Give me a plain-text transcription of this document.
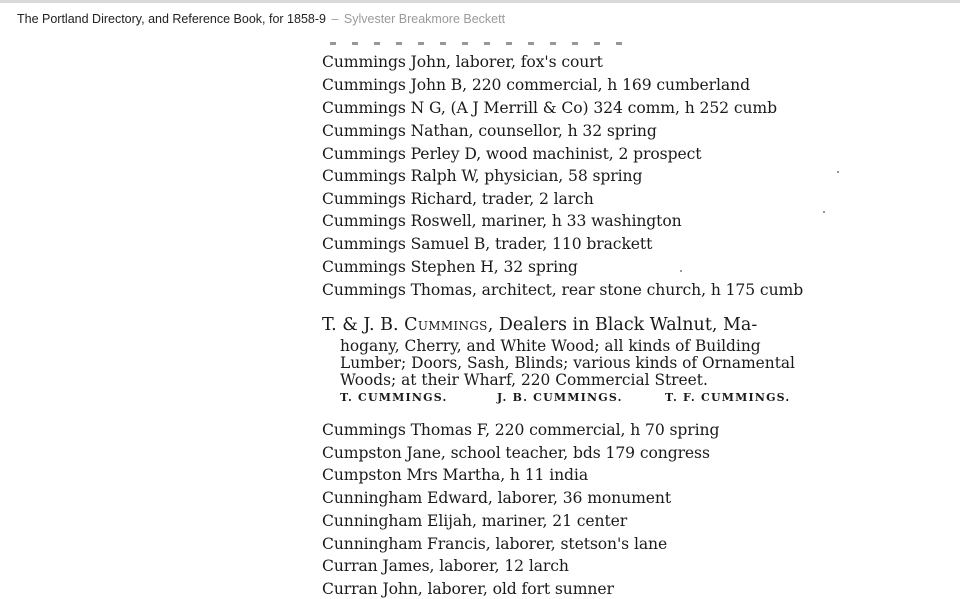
The Portland Directory, and Reference Book, for 1858-9 – Sylvester Breakmore Beckett
Cummings John, laborer, fox's court
Cummings John B, 220 commercial, h 169 cumberland
Cummings N G, (A J Merrill & Co) 324 comm, h 252 cumb
Cummings Nathan, counsellor, h 32 spring
Cummings Perley D, wood machinist, 2 prospect
Cummings Ralph W, physician, 58 spring
Cummings Richard, trader, 2 larch
Cummings Roswell, mariner, h 33 washington
Cummings Samuel B, trader, 110 brackett
Cummings Stephen H, 32 spring
Cummings Thomas, architect, rear stone church, h 175 cumb
T. & J. B. Cummings, Dealers in Black Walnut, Ma-
hogany, Cherry, and White Wood; all kinds of Building
Lumber; Doors, Sash, Blinds; various kinds of Ornamental
Woods; at their Wharf, 220 Commercial Street.
T. CUMMINGS.	J. B. CUMMINGS.	T. F. CUMMINGS.
Cummings Thomas F, 220 commercial, h 70 spring
Cumpston Jane, school teacher, bds 179 congress
Cumpston Mrs Martha, h 11 india
Cunningham Edward, laborer, 36 monument
Cunningham Elijah, mariner, 21 center
Cunningham Francis, laborer, stetson's lane
Curran James, laborer, 12 larch
Curran John, laborer, old fort sumner
